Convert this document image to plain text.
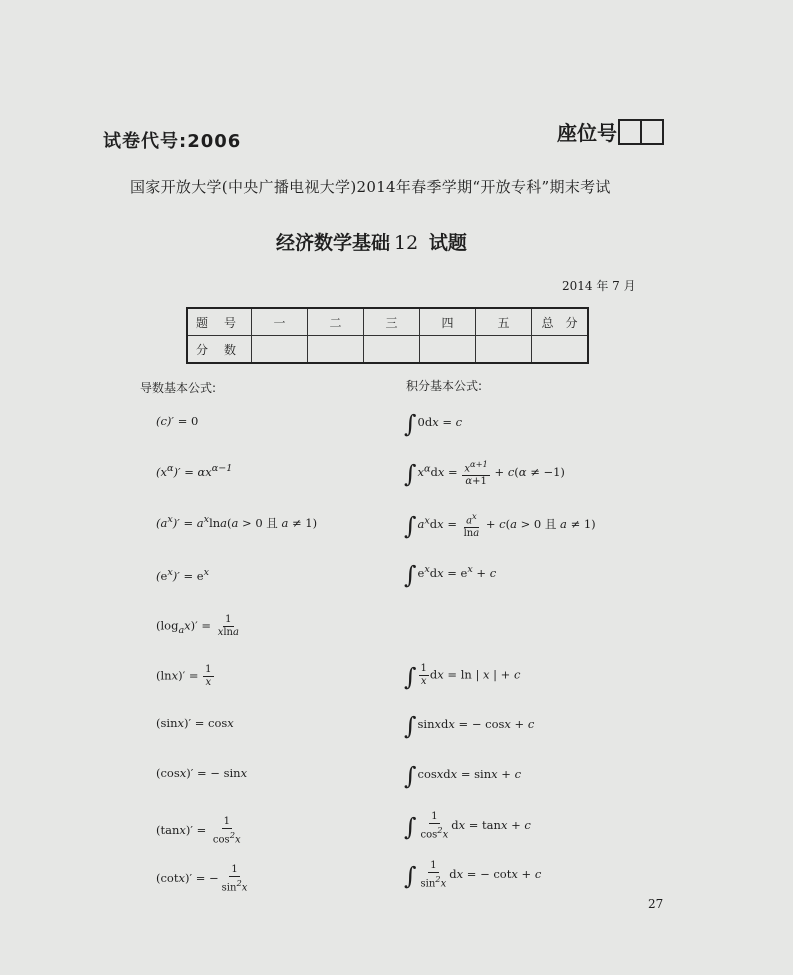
试卷代号:2006	座位号
国家开放大学(中央广播电视大学)2014年春季学期“开放专科”期末考试
经济数学基础 12 试题
2014 年 7 月
题　号	一	二	三	四	五	总　分
分　数						
导数基本公式:	积分基本公式:
(c)′ = 0
$(x^\alpha)' = \alpha x^{\alpha-1}$
$(a^x)' = a^x\ln a(a > 0$ 且 a ≠ 1)
$(e^x)' = e^x$
$(\log_ax)' = \frac{1}{xlna}$
$(\ln x)' = \frac{1}{x}$
(sinx)′ = cosx
(cosx)′ = − sinx
$(\tan x)' = \frac{1}{\cos^2x}$
(cotx)′ = − $\frac{1}{\sin^2x}$
∫0dx = c
$\int x^\alpha dx = \frac{x^{\alpha+1}}{\alpha+1} + c(\alpha \ne -1)$
$\int a^xdx = \frac{a^x}{\ln a} + c(a > 0$ 且 a ≠ 1)
$\int e^xdx = e^x + c$
∫ $\frac{1}{x}$ dx = ln | x | + c
∫sinxdx = − cosx + c
∫cosxdx = sinx + c
∫ $\frac{1}{\cos^2x}$ dx = tanx + c
∫ $\frac{1}{\sin^2x}$ dx = − cotx + c
27
